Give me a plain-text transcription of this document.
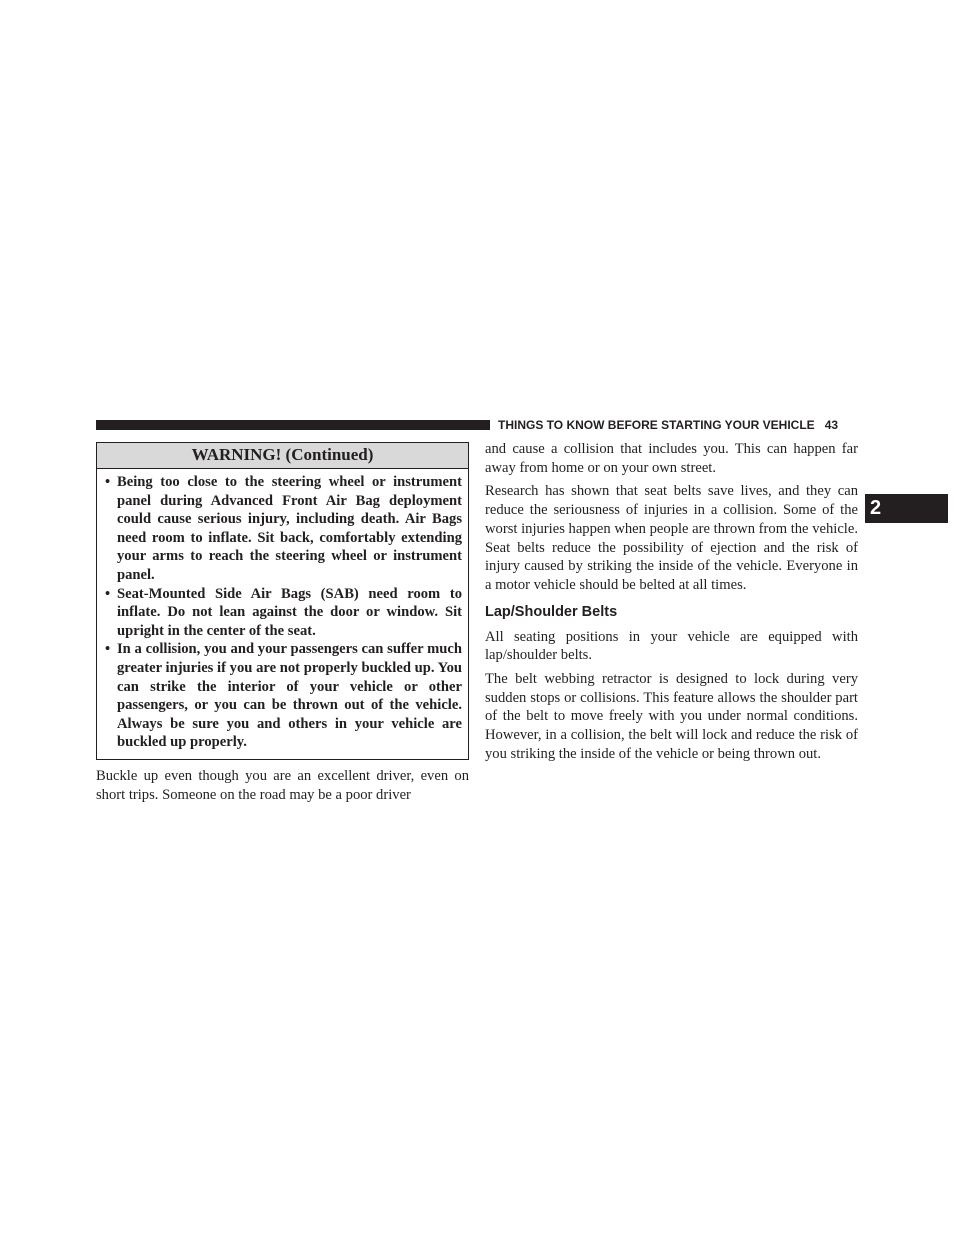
THINGS TO KNOW BEFORE STARTING YOUR VEHICLE 43
2
WARNING! (Continued)
• Being too close to the steering wheel or instrument panel during Advanced Front Air Bag deployment could cause serious injury, including death. Air Bags need room to inflate. Sit back, comfortably extending your arms to reach the steering wheel or instrument panel.
• Seat-Mounted Side Air Bags (SAB) need room to inflate. Do not lean against the door or window. Sit upright in the center of the seat.
• In a collision, you and your passengers can suffer much greater injuries if you are not properly buckled up. You can strike the interior of your vehicle or other passengers, or you can be thrown out of the vehicle. Always be sure you and others in your vehicle are buckled up properly.

Buckle up even though you are an excellent driver, even on short trips. Someone on the road may be a poor driver

and cause a collision that includes you. This can happen far away from home or on your own street.

Research has shown that seat belts save lives, and they can reduce the seriousness of injuries in a collision. Some of the worst injuries happen when people are thrown from the vehicle. Seat belts reduce the possibility of ejection and the risk of injury caused by striking the inside of the vehicle. Everyone in a motor vehicle should be belted at all times.

Lap/Shoulder Belts

All seating positions in your vehicle are equipped with lap/shoulder belts.

The belt webbing retractor is designed to lock during very sudden stops or collisions. This feature allows the shoulder part of the belt to move freely with you under normal conditions. However, in a collision, the belt will lock and reduce the risk of you striking the inside of the vehicle or being thrown out.
